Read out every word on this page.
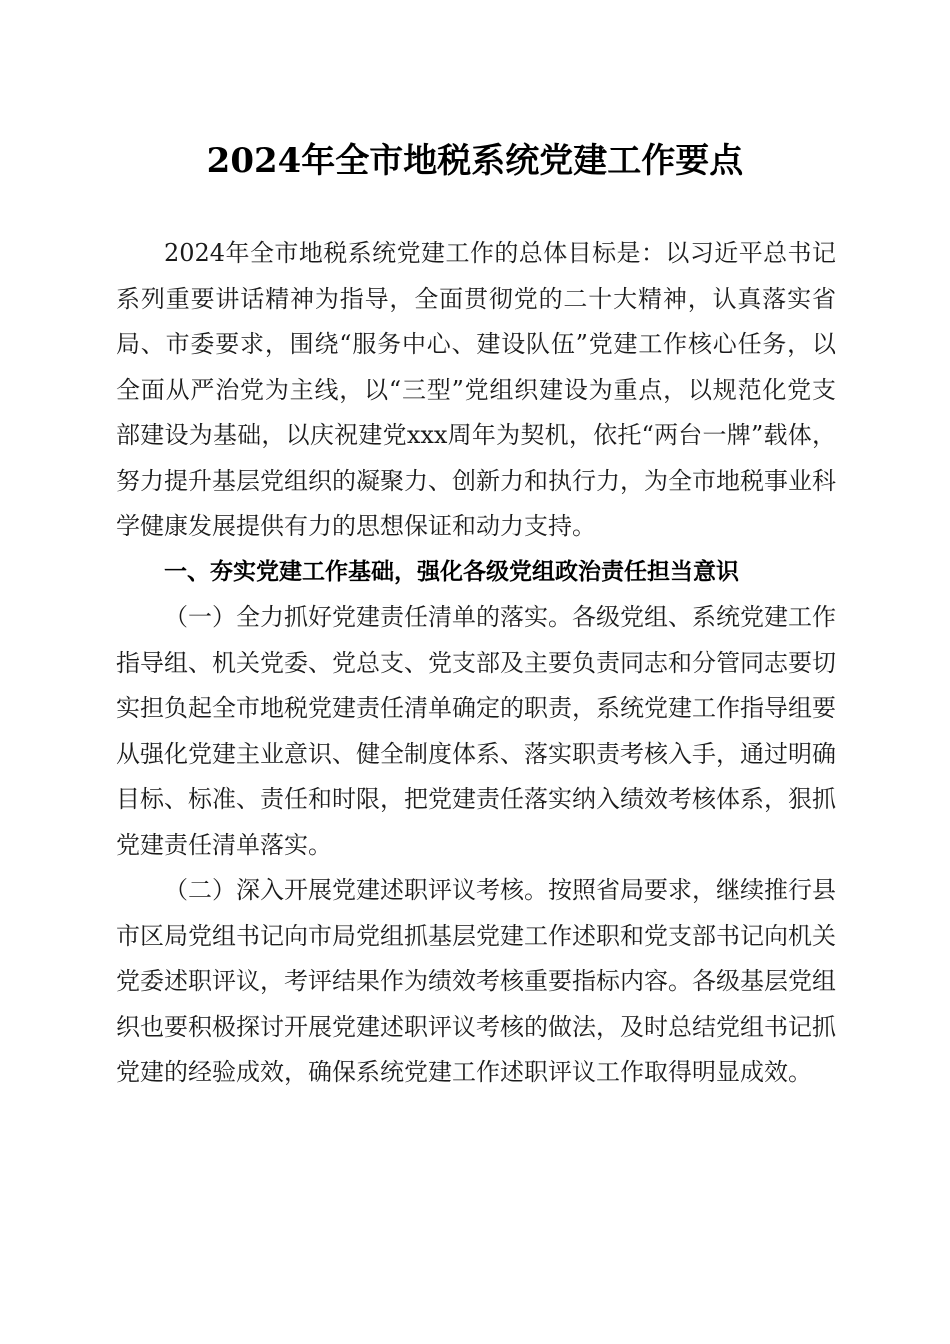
2024年全市地税系统党建工作要点

2024年全市地税系统党建工作的总体目标是：以习近平总书记系列重要讲话精神为指导，全面贯彻党的二十大精神，认真落实省局、市委要求，围绕“服务中心、建设队伍”党建工作核心任务，以全面从严治党为主线，以“三型”党组织建设为重点，以规范化党支部建设为基础，以庆祝建党xxx周年为契机，依托“两台一牌”载体，努力提升基层党组织的凝聚力、创新力和执行力，为全市地税事业科学健康发展提供有力的思想保证和动力支持。

一、夯实党建工作基础，强化各级党组政治责任担当意识

（一）全力抓好党建责任清单的落实。各级党组、系统党建工作指导组、机关党委、党总支、党支部及主要负责同志和分管同志要切实担负起全市地税党建责任清单确定的职责，系统党建工作指导组要从强化党建主业意识、健全制度体系、落实职责考核入手，通过明确目标、标准、责任和时限，把党建责任落实纳入绩效考核体系，狠抓党建责任清单落实。

（二）深入开展党建述职评议考核。按照省局要求，继续推行县市区局党组书记向市局党组抓基层党建工作述职和党支部书记向机关党委述职评议，考评结果作为绩效考核重要指标内容。各级基层党组织也要积极探讨开展党建述职评议考核的做法，及时总结党组书记抓党建的经验成效，确保系统党建工作述职评议工作取得明显成效。
